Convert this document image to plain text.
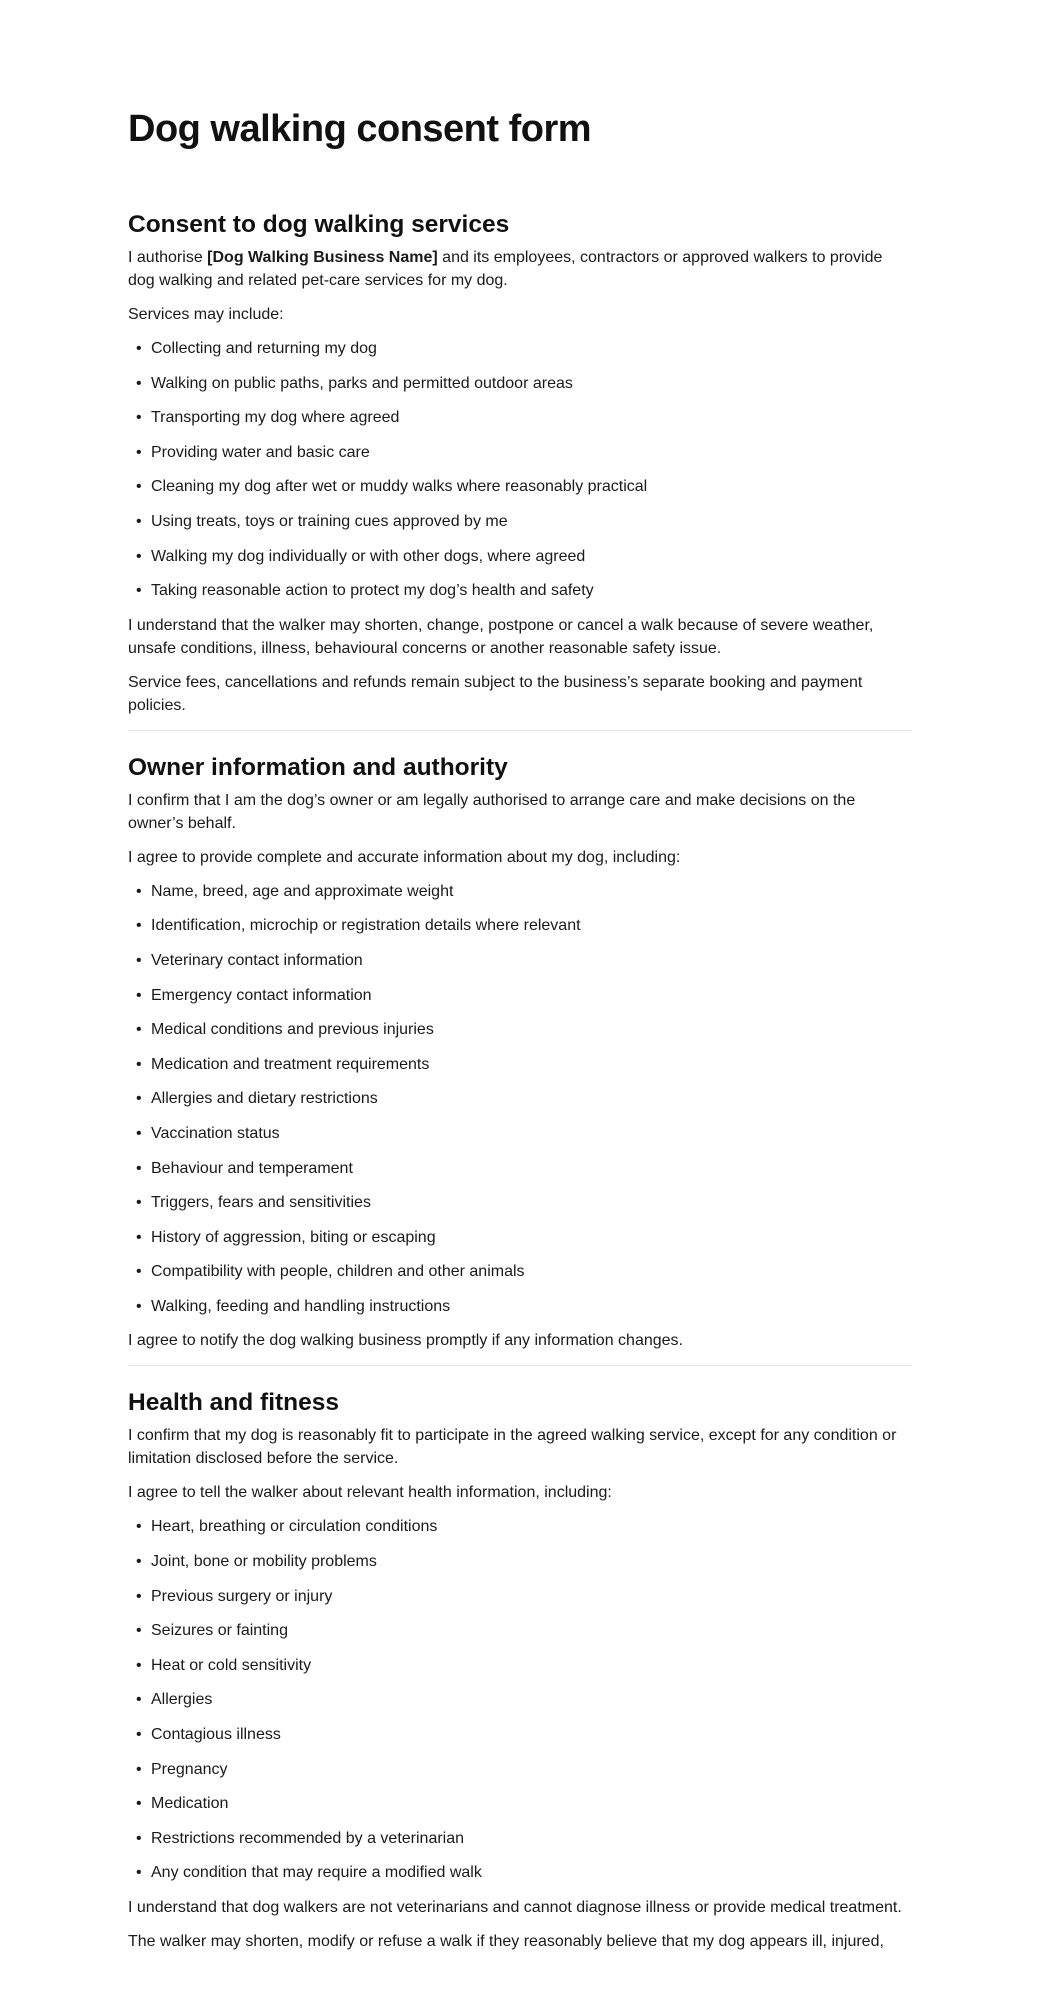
Dog walking consent form
Consent to dog walking services

I authorise [Dog Walking Business Name] and its employees, contractors or approved walkers to provide dog walking and related pet-care services for my dog.

Services may include:

• Collecting and returning my dog
• Walking on public paths, parks and permitted outdoor areas
• Transporting my dog where agreed
• Providing water and basic care
• Cleaning my dog after wet or muddy walks where reasonably practical
• Using treats, toys or training cues approved by me
• Walking my dog individually or with other dogs, where agreed
• Taking reasonable action to protect my dog’s health and safety

I understand that the walker may shorten, change, postpone or cancel a walk because of severe weather, unsafe conditions, illness, behavioural concerns or another reasonable safety issue.

Service fees, cancellations and refunds remain subject to the business’s separate booking and payment policies.

Owner information and authority

I confirm that I am the dog’s owner or am legally authorised to arrange care and make decisions on the owner’s behalf.

I agree to provide complete and accurate information about my dog, including:

• Name, breed, age and approximate weight
• Identification, microchip or registration details where relevant
• Veterinary contact information
• Emergency contact information
• Medical conditions and previous injuries
• Medication and treatment requirements
• Allergies and dietary restrictions
• Vaccination status
• Behaviour and temperament
• Triggers, fears and sensitivities
• History of aggression, biting or escaping
• Compatibility with people, children and other animals
• Walking, feeding and handling instructions

I agree to notify the dog walking business promptly if any information changes.

Health and fitness

I confirm that my dog is reasonably fit to participate in the agreed walking service, except for any condition or limitation disclosed before the service.

I agree to tell the walker about relevant health information, including:

• Heart, breathing or circulation conditions
• Joint, bone or mobility problems
• Previous surgery or injury
• Seizures or fainting
• Heat or cold sensitivity
• Allergies
• Contagious illness
• Pregnancy
• Medication
• Restrictions recommended by a veterinarian
• Any condition that may require a modified walk

I understand that dog walkers are not veterinarians and cannot diagnose illness or provide medical treatment.

The walker may shorten, modify or refuse a walk if they reasonably believe that my dog appears ill, injured,
